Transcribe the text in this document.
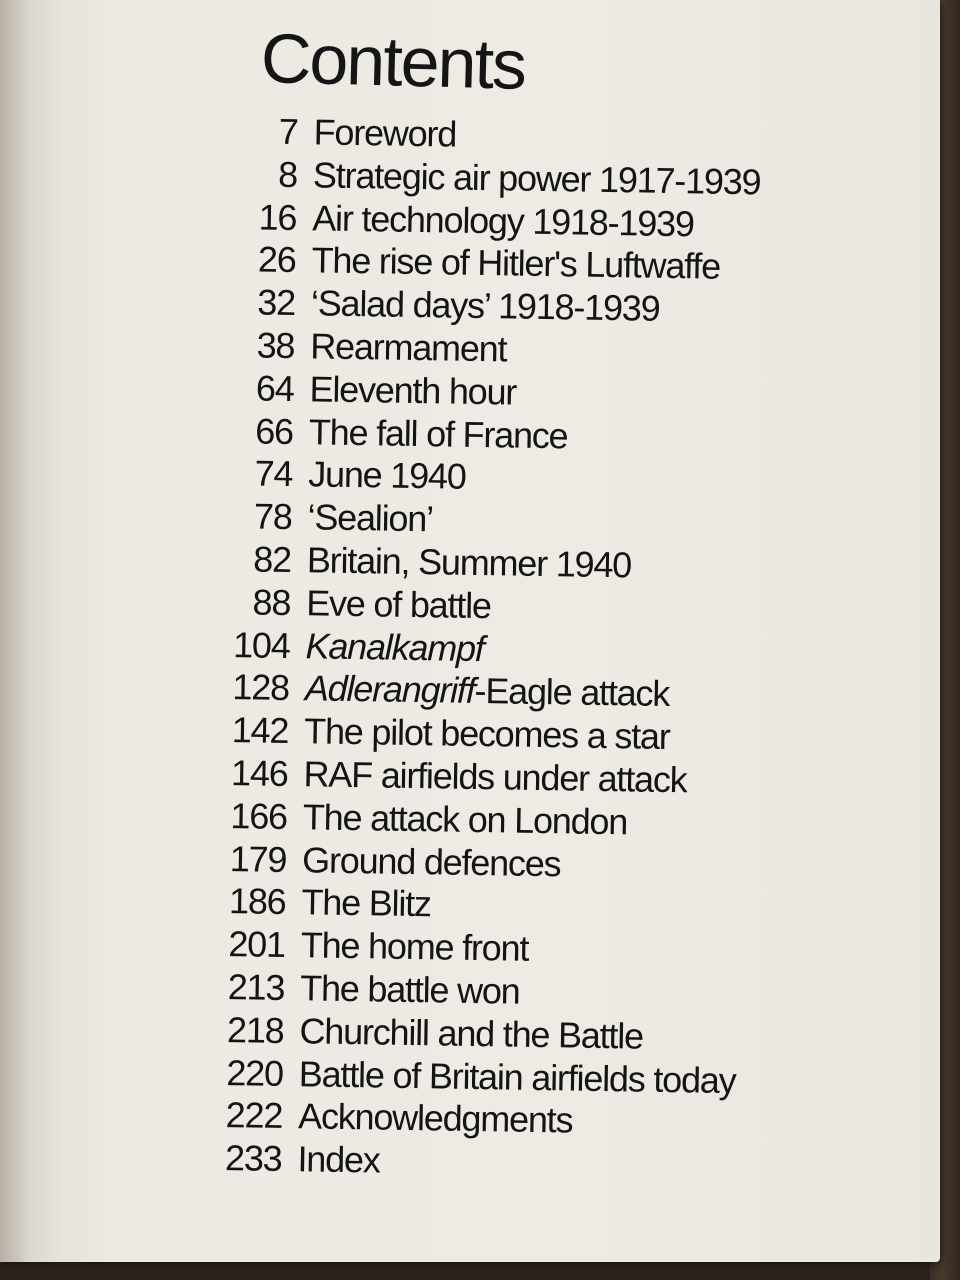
Contents
7 Foreword
8 Strategic air power 1917-1939
16 Air technology 1918-1939
26 The rise of Hitler's Luftwaffe
32 ‘Salad days’ 1918-1939
38 Rearmament
64 Eleventh hour
66 The fall of France
74 June 1940
78 ‘Sealion’
82 Britain, Summer 1940
88 Eve of battle
104 Kanalkampf
128 Adlerangriff-Eagle attack
142 The pilot becomes a star
146 RAF airfields under attack
166 The attack on London
179 Ground defences
186 The Blitz
201 The home front
213 The battle won
218 Churchill and the Battle
220 Battle of Britain airfields today
222 Acknowledgments
233 Index
